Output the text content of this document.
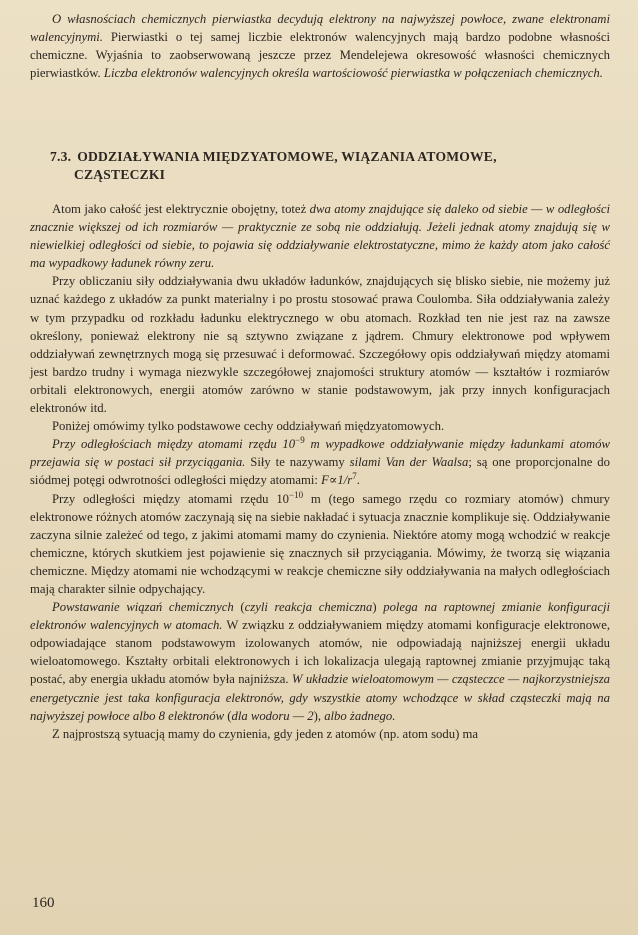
O własnościach chemicznych pierwiastka decydują elektrony na najwyższej powłoce, zwane elektronami walencyjnymi. Pierwiastki o tej samej liczbie elektronów walencyjnych mają bardzo podobne własności chemiczne. Wyjaśnia to zaobserwowaną jeszcze przez Mendelejewa okresowość własności chemicznych pierwiastków. Liczba elektronów walencyjnych określa wartościowość pierwiastka w połączeniach chemicznych.

7.3. ODDZIAŁYWANIA MIĘDZYATOMOWE, WIĄZANIA ATOMOWE,
CZĄSTECZKI

Atom jako całość jest elektrycznie obojętny, toteż dwa atomy znajdujące się daleko od siebie — w odległości znacznie większej od ich rozmiarów — praktycznie ze sobą nie oddziałują. Jeżeli jednak atomy znajdują się w niewielkiej odległości od siebie, to pojawia się oddziaływanie elektrostatyczne, mimo że każdy atom jako całość ma wypadkowy ładunek równy zeru.

Przy obliczaniu siły oddziaływania dwu układów ładunków, znajdujących się blisko siebie, nie możemy już uznać każdego z układów za punkt materialny i po prostu stosować prawa Coulomba. Siła oddziaływania zależy w tym przypadku od rozkładu ładunku elektrycznego w obu atomach. Rozkład ten nie jest raz na zawsze określony, ponieważ elektrony nie są sztywno związane z jądrem. Chmury elektronowe pod wpływem oddziaływań zewnętrznych mogą się przesuwać i deformować. Szczegółowy opis oddziaływań między atomami jest bardzo trudny i wymaga niezwykle szczegółowej znajomości struktury atomów — kształtów i rozmiarów orbitali elektronowych, energii atomów zarówno w stanie podstawowym, jak przy innych konfiguracjach elektronów itd.

Poniżej omówimy tylko podstawowe cechy oddziaływań międzyatomowych.

Przy odległościach między atomami rzędu $10^{-9}$ m wypadkowe oddziaływanie między ładunkami atomów przejawia się w postaci sił przyciągania. Siły te nazywamy silami Van der Waalsa; są one proporcjonalne do siódmej potęgi odwrotności odległości między atomami: $F\propto 1/r^7$.

Przy odległości między atomami rzędu $10^{-10}$ m (tego samego rzędu co rozmiary atomów) chmury elektronowe różnych atomów zaczynają się na siebie nakładać i sytuacja znacznie komplikuje się. Oddziaływanie zaczyna silnie zależeć od tego, z jakimi atomami mamy do czynienia. Niektóre atomy mogą wchodzić w reakcje chemiczne, których skutkiem jest pojawienie się znacznych sił przyciągania. Mówimy, że tworzą się wiązania chemiczne. Między atomami nie wchodzącymi w reakcje chemiczne siły oddziaływania na małych odległościach mają charakter silnie odpychający.

Powstawanie wiązań chemicznych (czyli reakcja chemiczna) polega na raptownej zmianie konfiguracji elektronów walencyjnych w atomach. W związku z oddziaływaniem między atomami konfiguracje elektronowe, odpowiadające stanom podstawowym izolowanych atomów, nie odpowiadają najniższej energii układu wieloatomowego. Kształty orbitali elektronowych i ich lokalizacja ulegają raptownej zmianie przyjmując taką postać, aby energia układu atomów była najniższa. W układzie wieloatomowym — cząsteczce — najkorzystniejsza energetycznie jest taka konfiguracja elektronów, gdy wszystkie atomy wchodzące w skład cząsteczki mają na najwyższej powłoce albo 8 elektronów (dla wodoru — 2), albo żadnego.

Z najprostszą sytuacją mamy do czynienia, gdy jeden z atomów (np. atom sodu) ma

160
